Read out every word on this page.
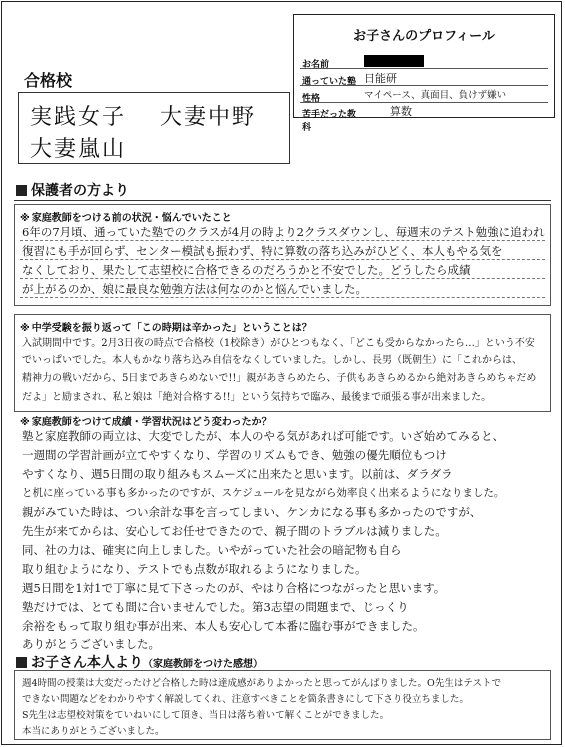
お子さんのプロフィール
お名前
通っていた塾 日能研
性格	マイペース、真面目、負けず嫌い
苦手だった教科
算数
合格校
実践女子 大妻中野
大妻嵐山
保護者の方より
※ 家庭教師をつける前の状況・悩んでいたこと
6年の7月頃、通っていた塾でのクラスが4月の時より2クラスダウンし、毎週末のテスト勉強に追われ
復習にも手が回らず、センター模試も振わず、特に算数の落ち込みがひどく、本人もやる気を
なくしており、果たして志望校に合格できるのだろうかと不安でした。どうしたら成績
が上がるのか、娘に最良な勉強方法は何なのかと悩んでいました。
※ 中学受験を振り返って「この時期は辛かった」ということは？
入試期間中です。2月3日夜の時点で合格校（1校除き）がひとつもなく、「どこも受からなかったら…」という不安
でいっぱいでした。本人もかなり落ち込み自信をなくしていました。しかし、長男（既朝生）に「これからは、
精神力の戦いだから、5日まであきらめないで!!」親があきらめたら、子供もあきらめるから絶対あきらめちゃだめ
だよ」と励まされ、私と娘は「絶対合格する!!」という気持ちで臨み、最後まで頑張る事が出来ました。
※ 家庭教師をつけて成績・学習状況はどう変わったか？
塾と家庭教師の両立は、大変でしたが、本人のやる気があれば可能です。いざ始めてみると、
一週間の学習計画が立てやすくなり、学習のリズムもでき、勉強の優先順位もつけ
やすくなり、週5日間の取り組みもスムーズに出来たと思います。以前は、ダラダラ
と机に座っている事も多かったのですが、スケジュールを見ながら効率良く出来るようになりました。
親がみていた時は、つい余計な事を言ってしまい、ケンカになる事も多かったのですが、
先生が来てからは、安心してお任せできたので、親子間のトラブルは減りました。
同、社の力は、確実に向上しました。いやがっていた社会の暗記物も自ら
取り組むようになり、テストでも点数が取れるようになりました。
週5日間を1対1で丁寧に見て下さったのが、やはり合格につながったと思います。
塾だけでは、とても間に合いませんでした。第3志望の問題まで、じっくり
余裕をもって取り組む事が出来、本人も安心して本番に臨む事ができました。
ありがとうございました。
お子さん本人より（家庭教師をつけた感想）
週4時間の授業は大変だったけど合格した時は達成感がありよかったと思ってがんばりました。O先生はテストで
できない問題などをわかりやすく解説してくれ、注意すべきことを箇条書きにして下さり役立ちました。
S先生は志望校対策をていねいにして頂き、当日は落ち着いて解くことができました。
本当にありがとうございました。
